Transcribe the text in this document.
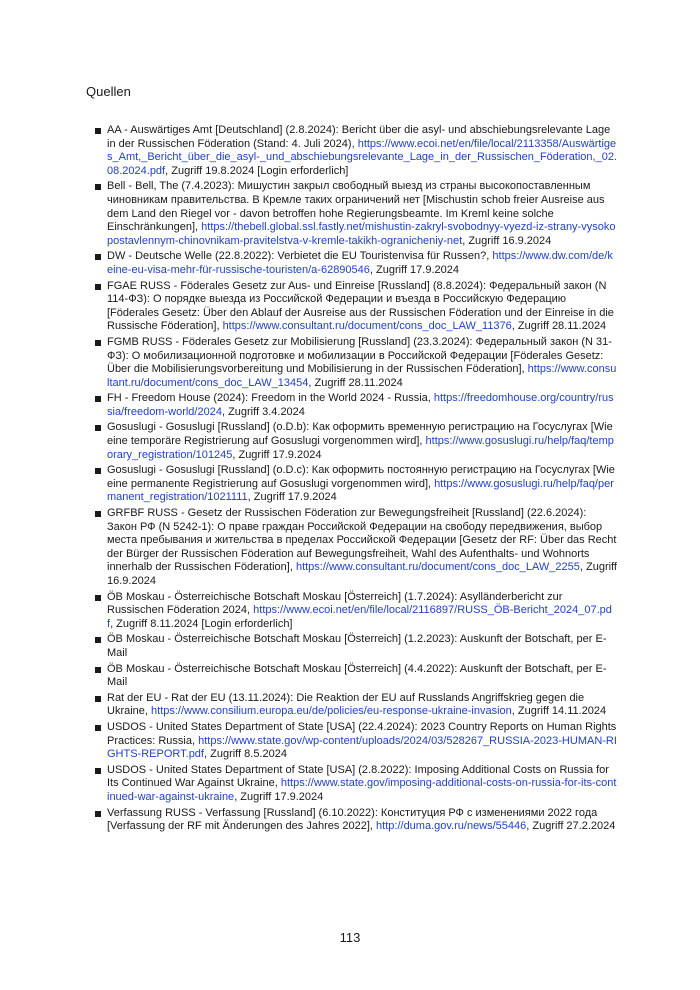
Quellen
AA - Auswärtiges Amt [Deutschland] (2.8.2024): Bericht über die asyl- und abschiebungsrelevante Lage in der Russischen Föderation (Stand: 4. Juli 2024), https://www.ecoi.net/en/file/local/2113358/Auswärtiges_Amt,_Bericht_über_die_asyl-_und_abschiebungsrelevante_Lage_in_der_Russischen_Föderation,_02.08.2024.pdf, Zugriff 19.8.2024 [Login erforderlich]
Bell - Bell, The (7.4.2023): Мишустин закрыл свободный выезд из страны высокопоставленным чиновникам правительства. В Кремле таких ограничений нет [Mischustin schob freier Ausreise aus dem Land den Riegel vor - davon betroffen hohe Regierungsbeamte. Im Kreml keine solche Einschränkungen], https://thebell.global.ssl.fastly.net/mishustin-zakryl-svobodnyy-vyezd-iz-strany-vysokopostavlennym-chinovnikam-pravitelstva-v-kremle-takikh-ogranicheniy-net, Zugriff 16.9.2024
DW - Deutsche Welle (22.8.2022): Verbietet die EU Touristenvisa für Russen?, https://www.dw.com/de/keine-eu-visa-mehr-für-russische-touristen/a-62890546, Zugriff 17.9.2024
FGAE RUSS - Föderales Gesetz zur Aus- und Einreise [Russland] (8.8.2024): Федеральный закон (N 114-ФЗ): О порядке выезда из Российской Федерации и въезда в Российскую Федерацию [Föderales Gesetz: Über den Ablauf der Ausreise aus der Russischen Föderation und der Einreise in die Russische Föderation], https://www.consultant.ru/document/cons_doc_LAW_11376, Zugriff 28.11.2024
FGMB RUSS - Föderales Gesetz zur Mobilisierung [Russland] (23.3.2024): Федеральный закон (N 31-ФЗ): О мобилизационной подготовке и мобилизации в Российской Федерации [Föderales Gesetz: Über die Mobilisierungsvorbereitung und Mobilisierung in der Russischen Föderation], https://www.consultant.ru/document/cons_doc_LAW_13454, Zugriff 28.11.2024
FH - Freedom House (2024): Freedom in the World 2024 - Russia, https://freedomhouse.org/country/russia/freedom-world/2024, Zugriff 3.4.2024
Gosuslugi - Gosuslugi [Russland] (o.D.b): Как оформить временную регистрацию на Госуслугах [Wie eine temporäre Registrierung auf Gosuslugi vorgenommen wird], https://www.gosuslugi.ru/help/faq/temporary_registration/101245, Zugriff 17.9.2024
Gosuslugi - Gosuslugi [Russland] (o.D.c): Как оформить постоянную регистрацию на Госуслугах [Wie eine permanente Registrierung auf Gosuslugi vorgenommen wird], https://www.gosuslugi.ru/help/faq/permanent_registration/1021111, Zugriff 17.9.2024
GRFBF RUSS - Gesetz der Russischen Föderation zur Bewegungsfreiheit [Russland] (22.6.2024): Закон РФ (N 5242-1): О праве граждан Российской Федерации на свободу передвижения, выбор места пребывания и жительства в пределах Российской Федерации [Gesetz der RF: Über das Recht der Bürger der Russischen Föderation auf Bewegungsfreiheit, Wahl des Aufenthalts- und Wohnorts innerhalb der Russischen Föderation], https://www.consultant.ru/document/cons_doc_LAW_2255, Zugriff 16.9.2024
ÖB Moskau - Österreichische Botschaft Moskau [Österreich] (1.7.2024): Asylländerbericht zur Russischen Föderation 2024, https://www.ecoi.net/en/file/local/2116897/RUSS_ÖB-Bericht_2024_07.pdf, Zugriff 8.11.2024 [Login erforderlich]
ÖB Moskau - Österreichische Botschaft Moskau [Österreich] (1.2.2023): Auskunft der Botschaft, per E-Mail
ÖB Moskau - Österreichische Botschaft Moskau [Österreich] (4.4.2022): Auskunft der Botschaft, per E-Mail
Rat der EU - Rat der EU (13.11.2024): Die Reaktion der EU auf Russlands Angriffskrieg gegen die Ukraine, https://www.consilium.europa.eu/de/policies/eu-response-ukraine-invasion, Zugriff 14.11.2024
USDOS - United States Department of State [USA] (22.4.2024): 2023 Country Reports on Human Rights Practices: Russia, https://www.state.gov/wp-content/uploads/2024/03/528267_RUSSIA-2023-HUMAN-RIGHTS-REPORT.pdf, Zugriff 8.5.2024
USDOS - United States Department of State [USA] (2.8.2022): Imposing Additional Costs on Russia for Its Continued War Against Ukraine, https://www.state.gov/imposing-additional-costs-on-russia-for-its-continued-war-against-ukraine, Zugriff 17.9.2024
Verfassung RUSS - Verfassung [Russland] (6.10.2022): Конституция РФ с изменениями 2022 года [Verfassung der RF mit Änderungen des Jahres 2022], http://duma.gov.ru/news/55446, Zugriff 27.2.2024
113
